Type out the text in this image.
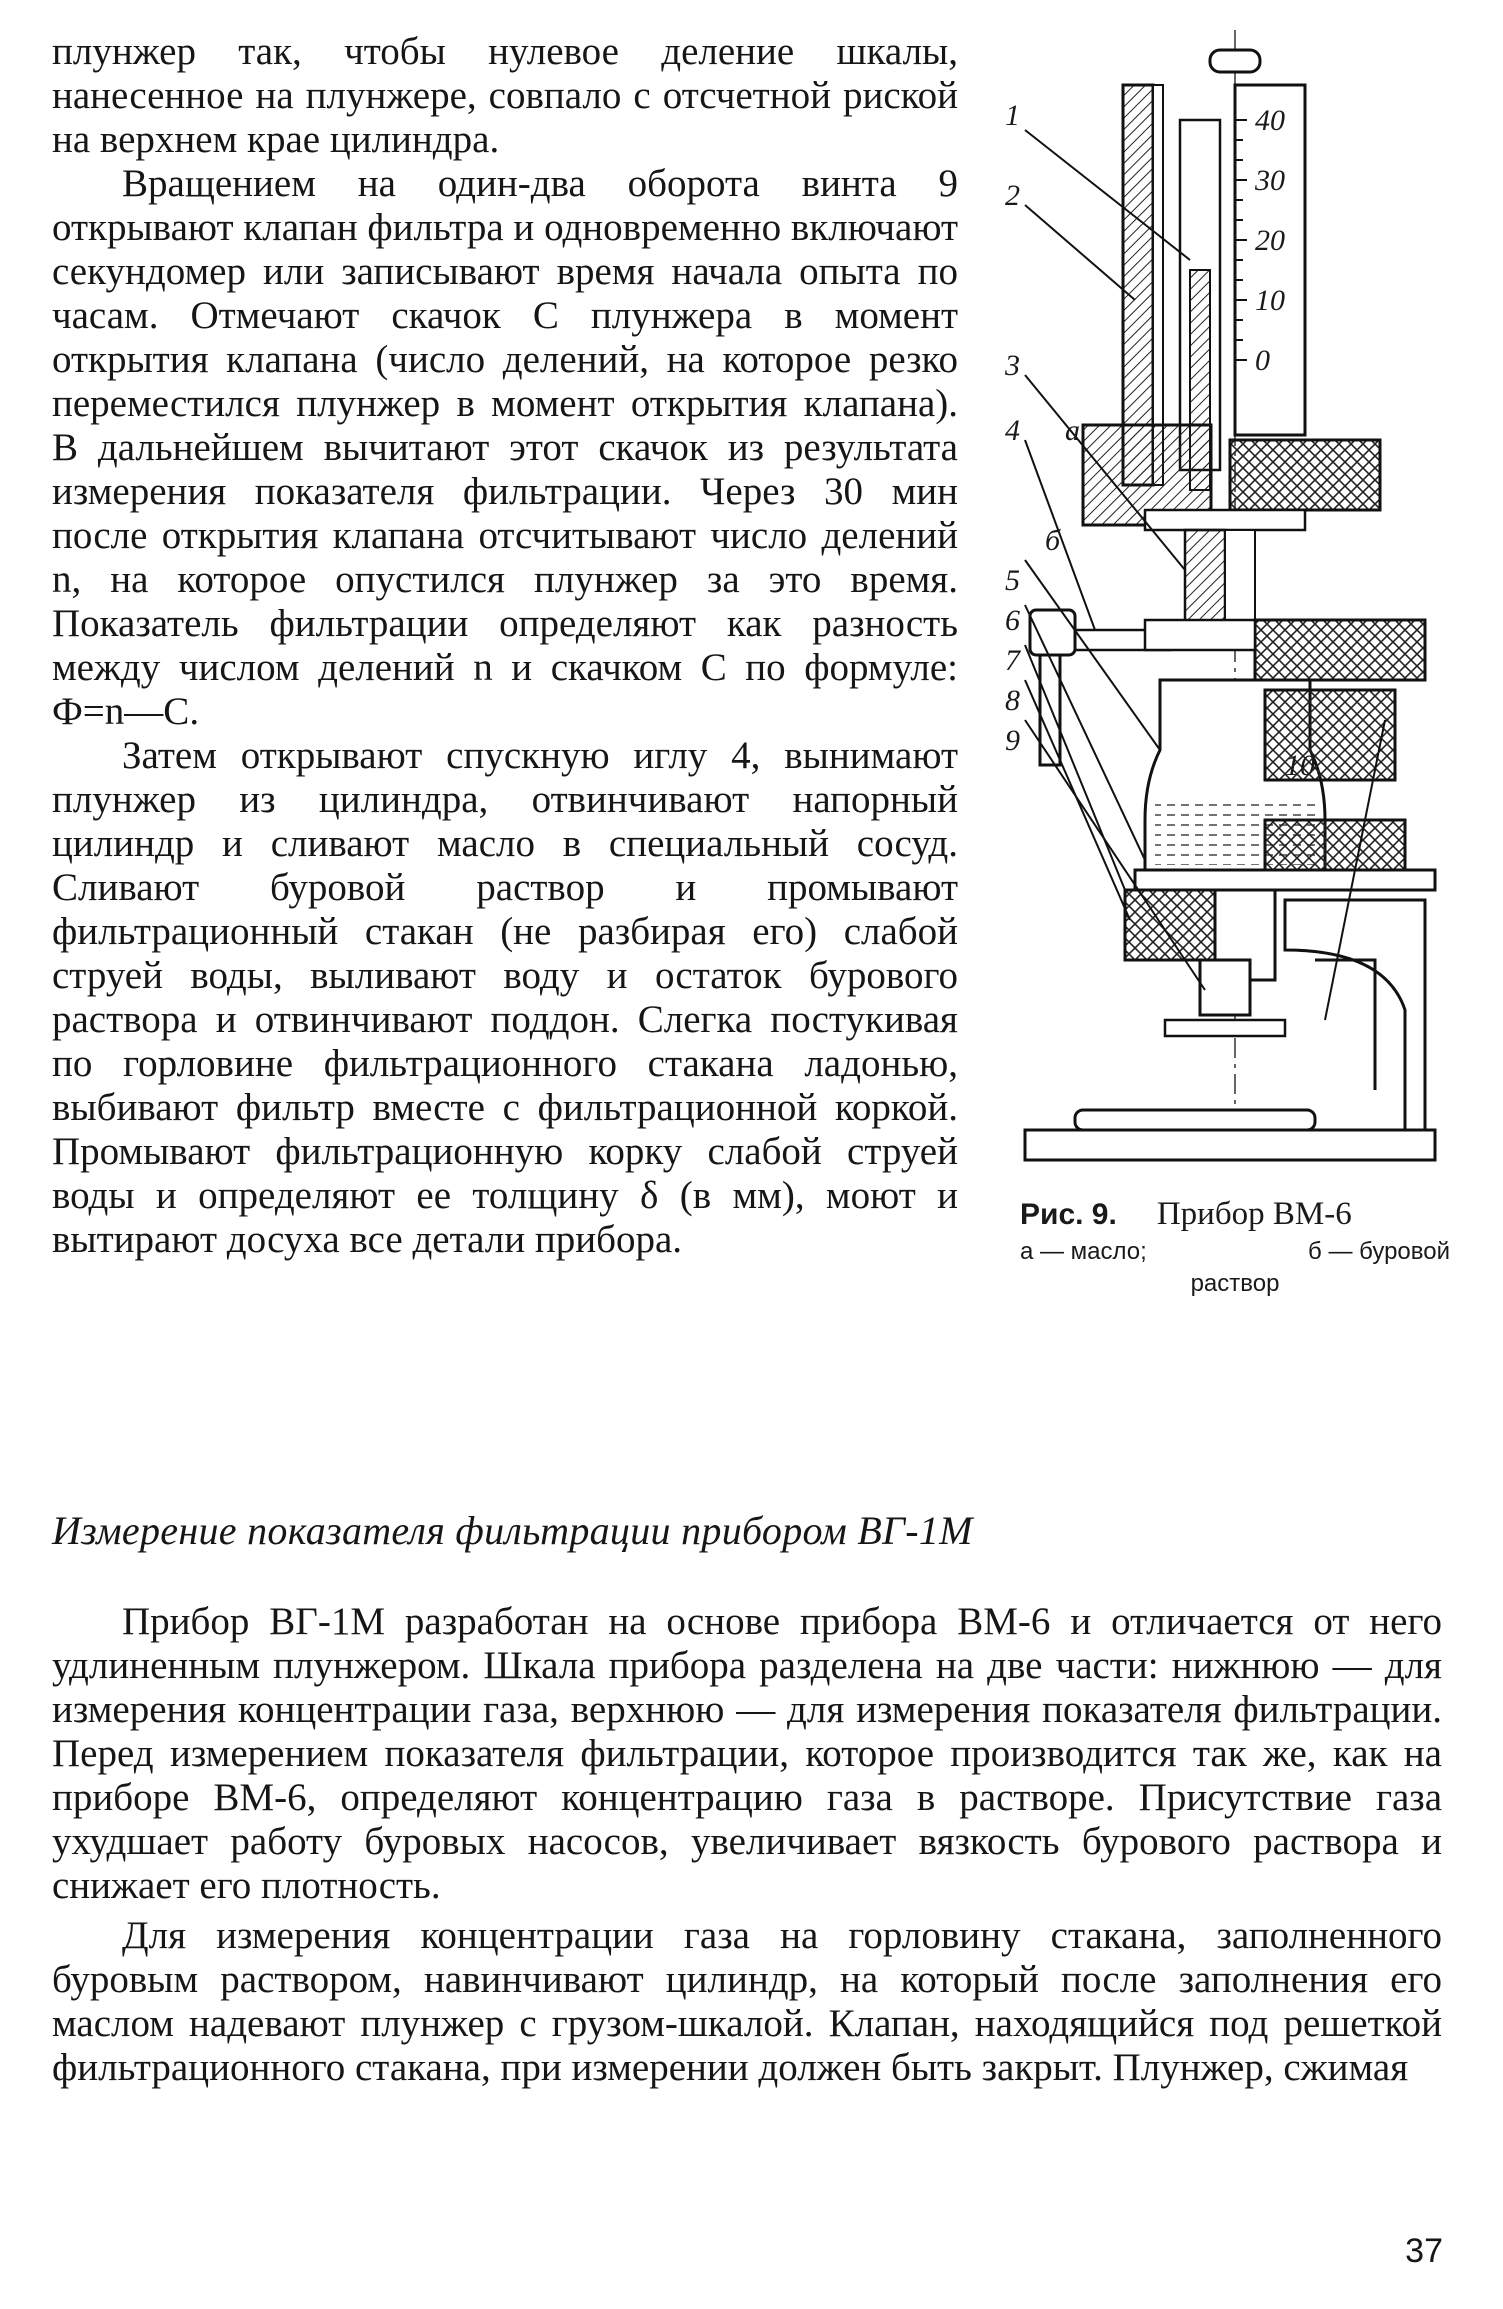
плунжер так, чтобы нулевое деление шкалы, нанесенное на плунжере, совпало с отсчетной риской на верхнем крае цилиндра.

Вращением на один-два оборота винта 9 открывают клапан фильтра и одновременно включают секундомер или записывают время начала опыта по часам. Отмечают скачок С плунжера в момент открытия клапана (число делений, на которое резко переместился плунжер в момент открытия клапана). В дальнейшем вычитают этот скачок из результата измерения показателя фильтрации. Через 30 мин после открытия клапана отсчитывают число делений n, на которое опустился плунжер за это время. Показатель фильтрации определяют как разность между числом делений n и скачком С по формуле: Ф=n—С.

Затем открывают спускную иглу 4, вынимают плунжер из цилиндра, отвинчивают напорный цилиндр и сливают масло в специальный сосуд. Сливают буровой раствор и промывают фильтрационный стакан (не разбирая его) слабой струей воды, выливают воду и остаток бурового раствора и отвинчивают поддон. Слегка постукивая по горловине фильтрационного стакана ладонью, выбивают фильтр вместе с фильтрационной коркой. Промывают фильтрационную корку слабой струей воды и определяют ее толщину δ (в мм), моют и вытирают досуха все детали прибора.

40
30
20
10
0
1
2
3
4 а
б
5
6
7
8
9
10
Рис. 9. Прибор ВМ-6
а — масло;	б — буровой
раствор
Измерение показателя фильтрации прибором ВГ-1М

Прибор ВГ-1М разработан на основе прибора ВМ-6 и отличается от него удлиненным плунжером. Шкала прибора разделена на две части: нижнюю — для измерения концентрации газа, верхнюю — для измерения показателя фильтрации. Перед измерением показателя фильтрации, которое производится так же, как на приборе ВМ-6, определяют концентрацию газа в растворе. Присутствие газа ухудшает работу буровых насосов, увеличивает вязкость бурового раствора и снижает его плотность.

Для измерения концентрации газа на горловину стакана, заполненного буровым раствором, навинчивают цилиндр, на который после заполнения его маслом надевают плунжер с грузом-шкалой. Клапан, находящийся под решеткой фильтрационного стакана, при измерении должен быть закрыт. Плунжер, сжимая

37
